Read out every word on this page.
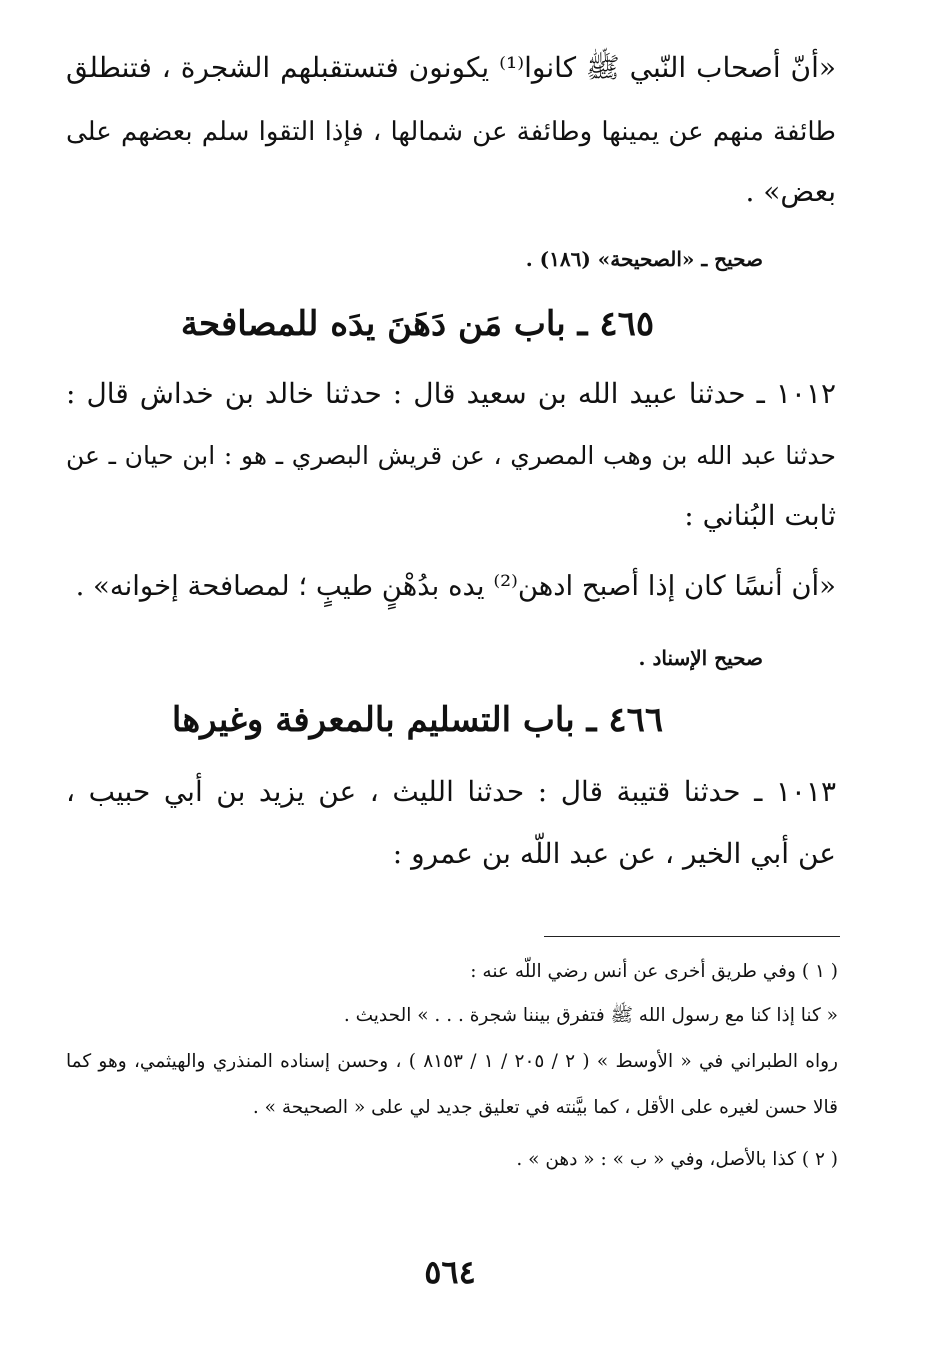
«أنّ أصحاب النّبي ﷺ كانوا⁽¹⁾ يكونون فتستقبلهم الشجرة ، فتنطلق
طائفة منهم عن يمينها وطائفة عن شمالها ، فإذا التقوا سلم بعضهم على
بعض» .
صحيح ـ «الصحيحة» (١٨٦) .
٤٦٥ ـ باب مَن دَهَنَ يدَه للمصافحة
١٠١٢ ـ حدثنا عبيد الله بن سعيد قال : حدثنا خالد بن خداش قال :
حدثنا عبد الله بن وهب المصري ، عن قريش البصري ـ هو : ابن حيان ـ عن
ثابت البُناني :
«أن أنسًا كان إذا أصبح ادهن⁽²⁾ يده بدُهْنٍ طيبٍ ؛ لمصافحة إخوانه» .
صحيح الإسناد .
٤٦٦ ـ باب التسليم بالمعرفة وغيرها
١٠١٣ ـ حدثنا قتيبة قال : حدثنا الليث ، عن يزيد بن أبي حبيب ،
عن أبي الخير ، عن عبد اللّه بن عمرو :
( ١ ) وفي طريق أخرى عن أنس رضي اللّه عنه :
« كنا إذا كنا مع رسول الله ﷺ فتفرق بيننا شجرة . . . » الحديث .
رواه الطبراني في « الأوسط » ( ٢ / ٢٠٥ / ١ / ٨١٥٣ ) ، وحسن إسناده المنذري والهيثمي، وهو كما
قالا حسن لغيره على الأقل ، كما بيَّنته في تعليق جديد لي على « الصحيحة » .
( ٢ ) كذا بالأصل، وفي « ب » : « دهن » .
٥٦٤
